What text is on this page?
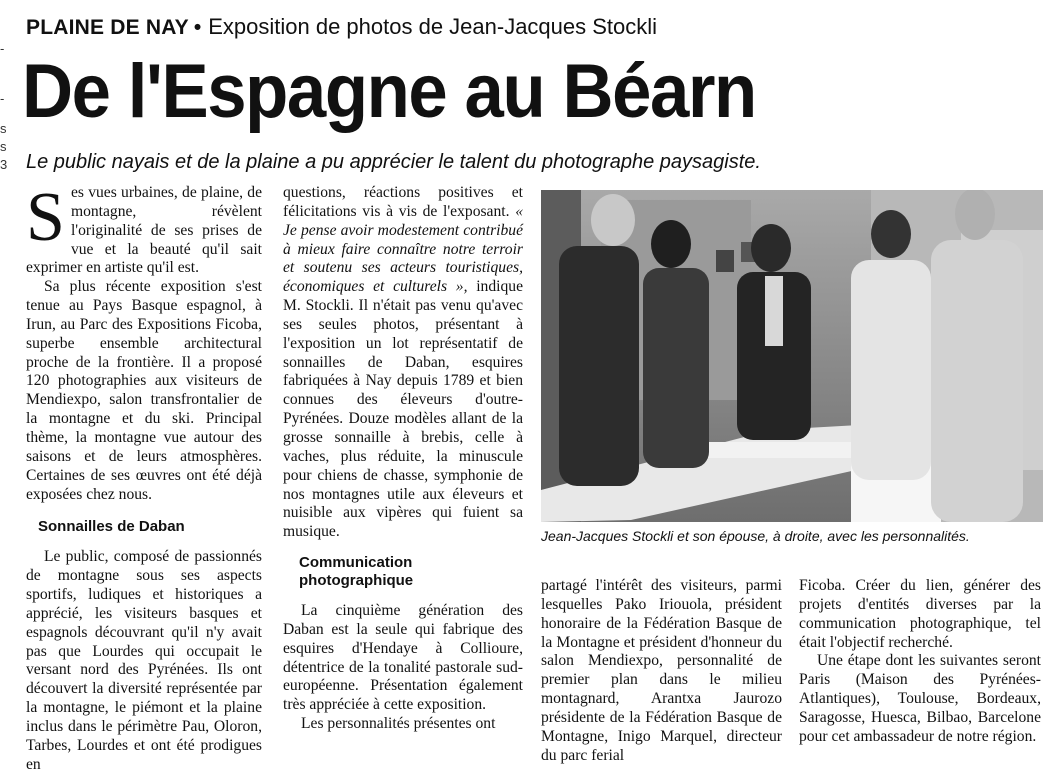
-
-
s
s
3
PLAINE DE NAY • Exposition de photos de Jean-Jacques Stockli
De l'Espagne au Béarn
Le public nayais et de la plaine a pu apprécier le talent du photographe paysagiste.

Ses vues urbaines, de plaine, de montagne, révèlent l'originalité de ses prises de vue et la beauté qu'il sait exprimer en artiste qu'il est.

Sa plus récente exposition s'est tenue au Pays Basque espagnol, à Irun, au Parc des Expositions Ficoba, superbe ensemble architectural proche de la frontière. Il a proposé 120 photographies aux visiteurs de Mendiexpo, salon transfrontalier de la montagne et du ski. Principal thème, la montagne vue autour des saisons et de leurs atmosphères. Certaines de ses œuvres ont été déjà exposées chez nous.

Sonnailles de Daban

Le public, composé de passionnés de montagne sous ses aspects sportifs, ludiques et historiques a apprécié, les visiteurs basques et espagnols découvrant qu'il n'y avait pas que Lourdes qui occupait le versant nord des Pyrénées. Ils ont découvert la diversité représentée par la montagne, le piémont et la plaine inclus dans le périmètre Pau, Oloron, Tarbes, Lourdes et ont été prodigues en

questions, réactions positives et félicitations vis à vis de l'exposant. « Je pense avoir modestement contribué à mieux faire connaître notre terroir et soutenu ses acteurs touristiques, économiques et culturels », indique M. Stockli. Il n'était pas venu qu'avec ses seules photos, présentant à l'exposition un lot représentatif de sonnailles de Daban, esquires fabriquées à Nay depuis 1789 et bien connues des éleveurs d'outre-Pyrénées. Douze modèles allant de la grosse sonnaille à brebis, celle à vaches, plus réduite, la minuscule pour chiens de chasse, symphonie de nos montagnes utile aux éleveurs et nuisible aux vipères qui fuient sa musique.

Communication
photographique

La cinquième génération des Daban est la seule qui fabrique des esquires d'Hendaye à Collioure, détentrice de la tonalité pastorale sud-européenne. Présentation également très appréciée à cette exposition.

Les personnalités présentes ont

Jean-Jacques Stockli et son épouse, à droite, avec les personnalités.

partagé l'intérêt des visiteurs, parmi lesquelles Pako Iriouola, président honoraire de la Fédération Basque de la Montagne et président d'honneur du salon Mendiexpo, personnalité de premier plan dans le milieu montagnard, Arantxa Jaurozo présidente de la Fédération Basque de Montagne, Inigo Marquel, directeur du parc ferial

Ficoba. Créer du lien, générer des projets d'entités diverses par la communication photographique, tel était l'objectif recherché.

Une étape dont les suivantes seront Paris (Maison des Pyrénées-Atlantiques), Toulouse, Bordeaux, Saragosse, Huesca, Bilbao, Barcelone pour cet ambassadeur de notre région.
